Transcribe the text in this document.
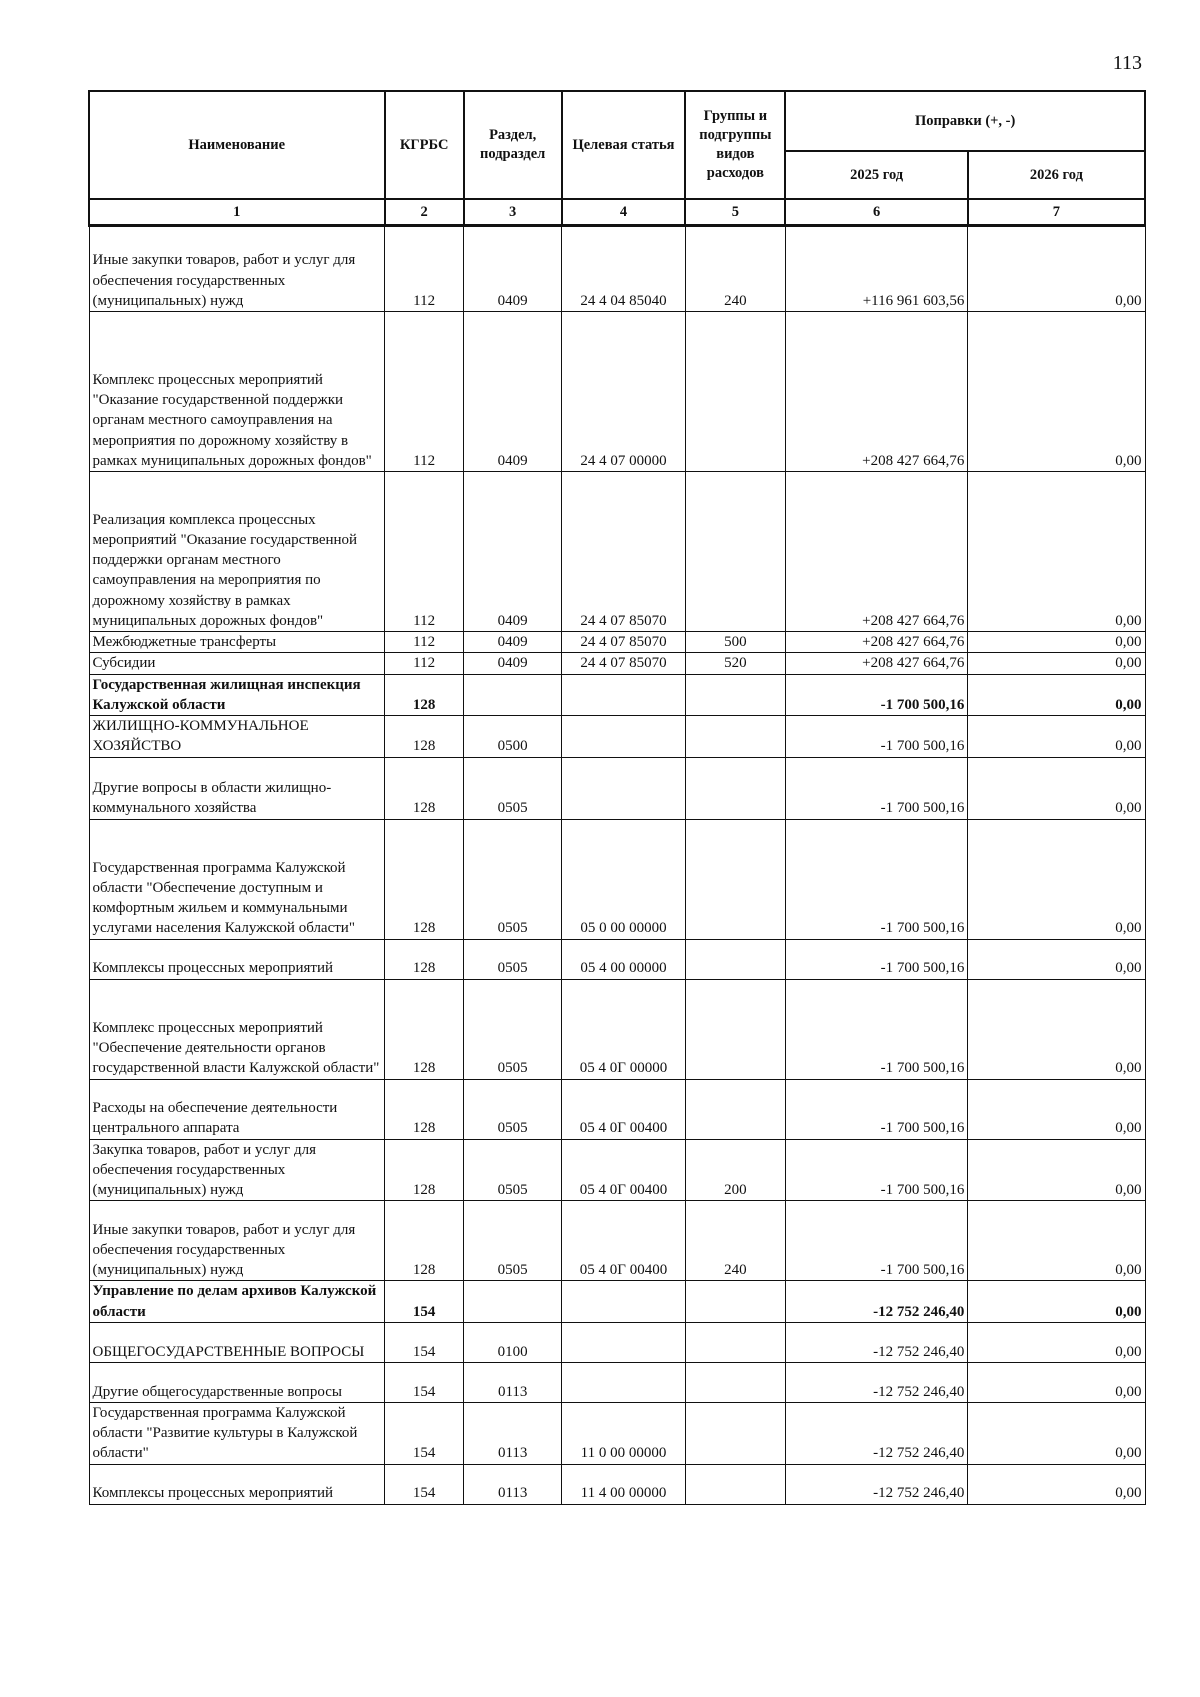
113
Наименование	КГРБС	Раздел, подраздел	Целевая статья	Группы и подгруппы видов расходов	Поправки (+, -)	
					2025 год	2026 год
1	2	3	4	5	6	7
Иные закупки товаров, работ и услуг для обеспечения государственных (муниципальных) нужд	112	0409	24 4 04 85040	240	+116 961 603,56	0,00
Комплекс процессных мероприятий "Оказание государственной поддержки органам местного самоуправления на мероприятия по дорожному хозяйству в рамках муниципальных дорожных фондов"	112	0409	24 4 07 00000		+208 427 664,76	0,00
Реализация комплекса процессных мероприятий "Оказание государственной поддержки органам местного самоуправления на мероприятия по дорожному хозяйству в рамках муниципальных дорожных фондов"	112	0409	24 4 07 85070		+208 427 664,76	0,00
Межбюджетные трансферты	112	0409	24 4 07 85070	500	+208 427 664,76	0,00
Субсидии	112	0409	24 4 07 85070	520	+208 427 664,76	0,00
Государственная жилищная инспекция Калужской области	128				-1 700 500,16	0,00
ЖИЛИЩНО-КОММУНАЛЬНОЕ ХОЗЯЙСТВО	128	0500			-1 700 500,16	0,00
Другие вопросы в области жилищно-коммунального хозяйства	128	0505			-1 700 500,16	0,00
Государственная программа Калужской области "Обеспечение доступным и комфортным жильем и коммунальными услугами населения Калужской области"	128	0505	05 0 00 00000		-1 700 500,16	0,00
Комплексы процессных мероприятий	128	0505	05 4 00 00000		-1 700 500,16	0,00
Комплекс процессных мероприятий "Обеспечение деятельности органов государственной власти Калужской области"	128	0505	05 4 0Г 00000		-1 700 500,16	0,00
Расходы на обеспечение деятельности центрального аппарата	128	0505	05 4 0Г 00400		-1 700 500,16	0,00
Закупка товаров, работ и услуг для обеспечения государственных (муниципальных) нужд	128	0505	05 4 0Г 00400	200	-1 700 500,16	0,00
Иные закупки товаров, работ и услуг для обеспечения государственных (муниципальных) нужд	128	0505	05 4 0Г 00400	240	-1 700 500,16	0,00
Управление по делам архивов Калужской области	154				-12 752 246,40	0,00
ОБЩЕГОСУДАРСТВЕННЫЕ ВОПРОСЫ	154	0100			-12 752 246,40	0,00
Другие общегосударственные вопросы	154	0113			-12 752 246,40	0,00
Государственная программа Калужской области "Развитие культуры в Калужской области"	154	0113	11 0 00 00000		-12 752 246,40	0,00
Комплексы процессных мероприятий	154	0113	11 4 00 00000		-12 752 246,40	0,00
